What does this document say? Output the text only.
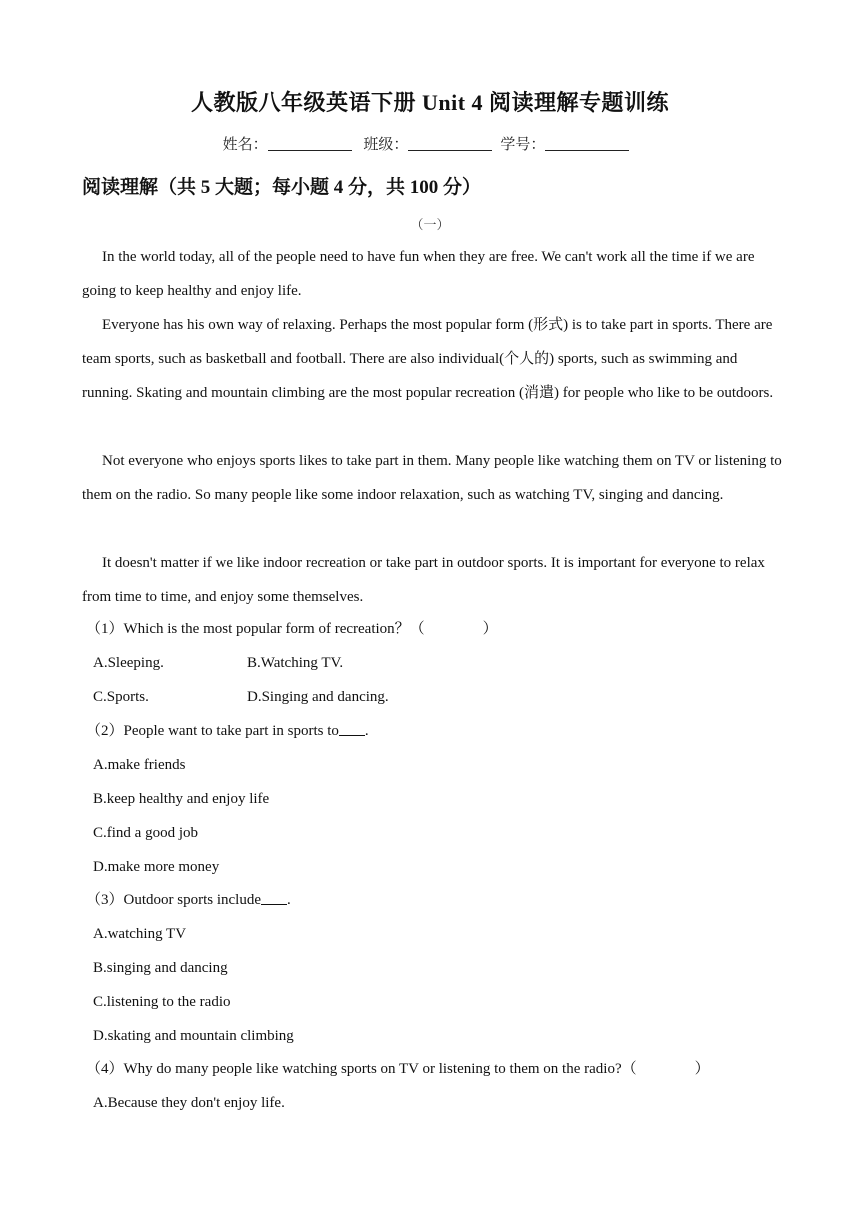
人教版八年级英语下册 Unit 4 阅读理解专题训练
姓名：	班级：	学号：
阅读理解（共 5 大题；每小题 4 分，共 100 分）
（一）

In the world today, all of the people need to have fun when they are free. We can't work all the time if we are going to keep healthy and enjoy life.

Everyone has his own way of relaxing. Perhaps the most popular form (形式) is to take part in sports. There are team sports, such as basketball and football. There are also individual(个人的) sports, such as swimming and running. Skating and mountain climbing are the most popular recreation (消遣) for people who like to be outdoors.

Not everyone who enjoys sports likes to take part in them. Many people like watching them on TV or listening to them on the radio. So many people like some indoor relaxation, such as watching TV, singing and dancing.

It doesn't matter if we like indoor recreation or take part in outdoor sports. It is important for everyone to relax from time to time, and enjoy some themselves.

（1）Which is the most popular form of recreation？（	）
A.Sleeping.	B.Watching TV.
C.Sports.	D.Singing and dancing.
（2）People want to take part in sports to .
A.make friends
B.keep healthy and enjoy life
C.find a good job
D.make more money
（3）Outdoor sports include .
A.watching TV
B.singing and dancing
C.listening to the radio
D.skating and mountain climbing
（4）Why do many people like watching sports on TV or listening to them on the radio?（	）
A.Because they don't enjoy life.
